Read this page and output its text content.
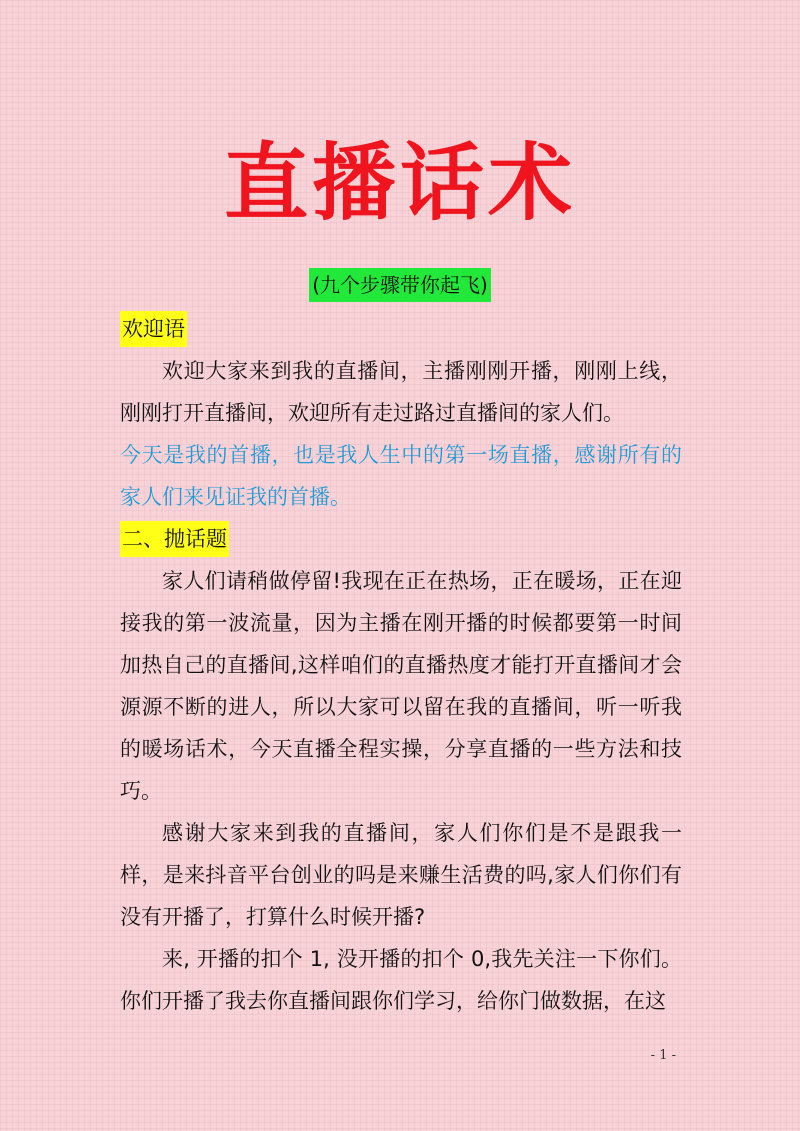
直播话术
(九个步骤带你起飞)
欢迎语

欢迎大家来到我的直播间，主播刚刚开播，刚刚上线，刚刚打开直播间，欢迎所有走过路过直播间的家人们。

今天是我的首播，也是我人生中的第一场直播，感谢所有的家人们来见证我的首播。

二、抛话题

家人们请稍做停留!我现在正在热场，正在暖场，正在迎接我的第一波流量，因为主播在刚开播的时候都要第一时间加热自己的直播间,这样咱们的直播热度才能打开直播间才会源源不断的进人，所以大家可以留在我的直播间，听一听我的暖场话术，今天直播全程实操，分享直播的一些方法和技巧。

感谢大家来到我的直播间，家人们你们是不是跟我一样，是来抖音平台创业的吗是来赚生活费的吗,家人们你们有没有开播了，打算什么时候开播?

来, 开播的扣个 1, 没开播的扣个 0,我先关注一下你们。你们开播了我去你直播间跟你们学习，给你门做数据，在这

- 1 -
